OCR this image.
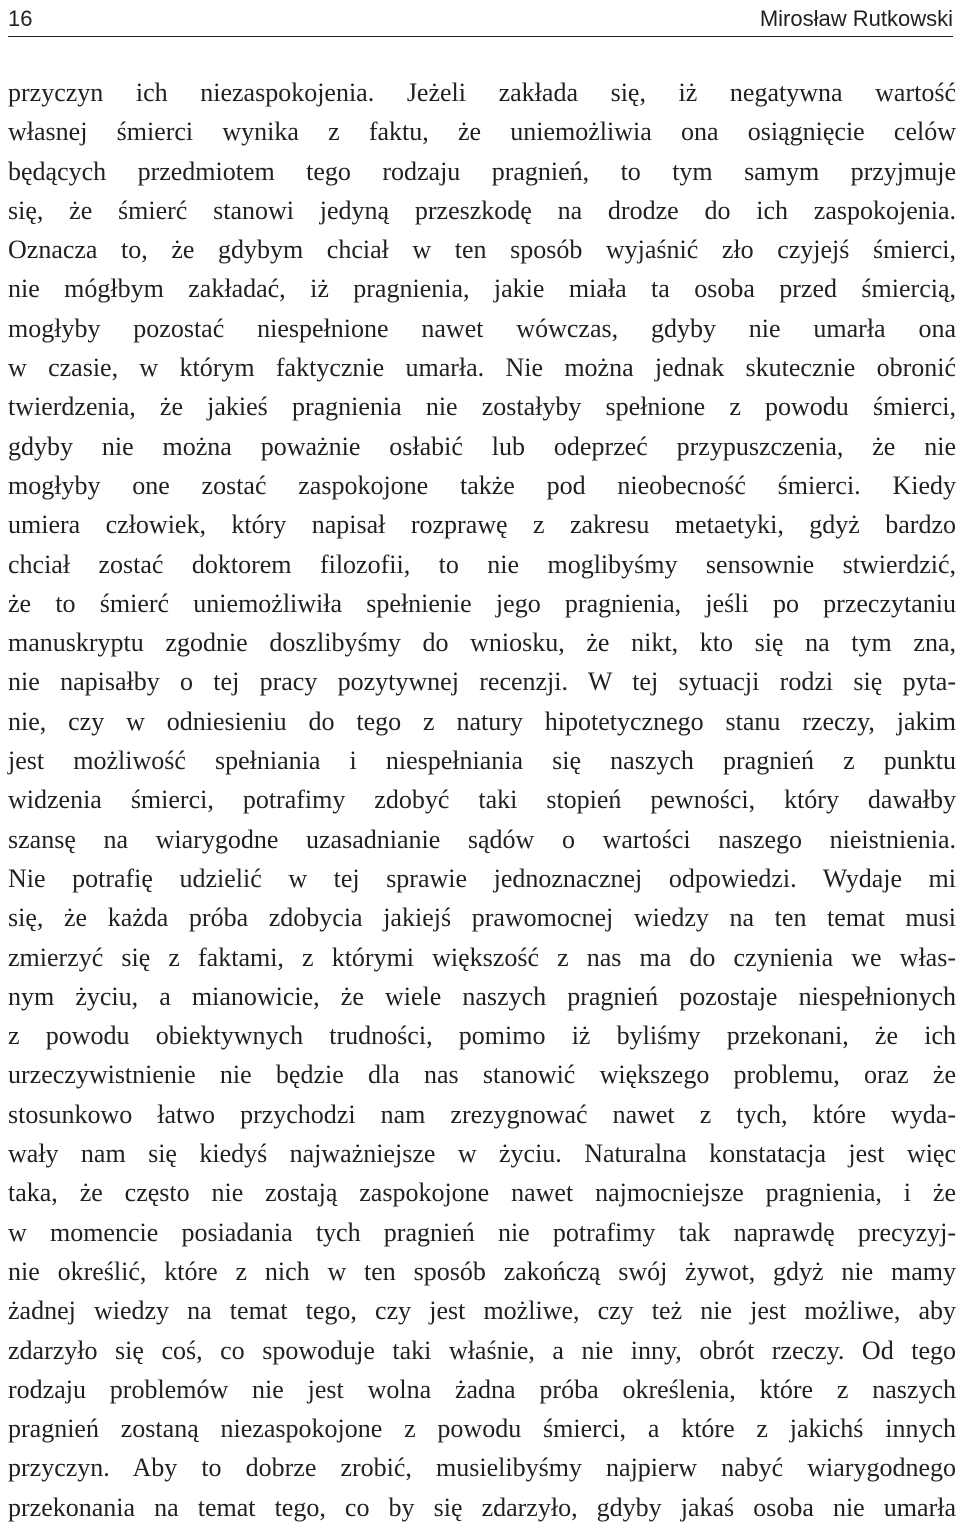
16	Mirosław Rutkowski
przyczyn ich niezaspokojenia. Jeżeli zakłada się, iż negatywna wartość
własnej śmierci wynika z faktu, że uniemożliwia ona osiągnięcie celów
będących przedmiotem tego rodzaju pragnień, to tym samym przyjmuje
się, że śmierć stanowi jedyną przeszkodę na drodze do ich zaspokojenia.
Oznacza to, że gdybym chciał w ten sposób wyjaśnić zło czyjejś śmierci,
nie mógłbym zakładać, iż pragnienia, jakie miała ta osoba przed śmiercią,
mogłyby pozostać niespełnione nawet wówczas, gdyby nie umarła ona
w czasie, w którym faktycznie umarła. Nie można jednak skutecznie obronić
twierdzenia, że jakieś pragnienia nie zostałyby spełnione z powodu śmierci,
gdyby nie można poważnie osłabić lub odeprzeć przypuszczenia, że nie
mogłyby one zostać zaspokojone także pod nieobecność śmierci. Kiedy
umiera człowiek, który napisał rozprawę z zakresu metaetyki, gdyż bardzo
chciał zostać doktorem filozofii, to nie moglibyśmy sensownie stwierdzić,
że to śmierć uniemożliwiła spełnienie jego pragnienia, jeśli po przeczytaniu
manuskryptu zgodnie doszlibyśmy do wniosku, że nikt, kto się na tym zna,
nie napisałby o tej pracy pozytywnej recenzji. W tej sytuacji rodzi się pyta-
nie, czy w odniesieniu do tego z natury hipotetycznego stanu rzeczy, jakim
jest możliwość spełniania i niespełniania się naszych pragnień z punktu
widzenia śmierci, potrafimy zdobyć taki stopień pewności, który dawałby
szansę na wiarygodne uzasadnianie sądów o wartości naszego nieistnienia.
Nie potrafię udzielić w tej sprawie jednoznacznej odpowiedzi. Wydaje mi
się, że każda próba zdobycia jakiejś prawomocnej wiedzy na ten temat musi
zmierzyć się z faktami, z którymi większość z nas ma do czynienia we włas-
nym życiu, a mianowicie, że wiele naszych pragnień pozostaje niespełnionych
z powodu obiektywnych trudności, pomimo iż byliśmy przekonani, że ich
urzeczywistnienie nie będzie dla nas stanowić większego problemu, oraz że
stosunkowo łatwo przychodzi nam zrezygnować nawet z tych, które wyda-
wały nam się kiedyś najważniejsze w życiu. Naturalna konstatacja jest więc
taka, że często nie zostają zaspokojone nawet najmocniejsze pragnienia, i że
w momencie posiadania tych pragnień nie potrafimy tak naprawdę precyzyj-
nie określić, które z nich w ten sposób zakończą swój żywot, gdyż nie mamy
żadnej wiedzy na temat tego, czy jest możliwe, czy też nie jest możliwe, aby
zdarzyło się coś, co spowoduje taki właśnie, a nie inny, obrót rzeczy. Od tego
rodzaju problemów nie jest wolna żadna próba określenia, które z naszych
pragnień zostaną niezaspokojone z powodu śmierci, a które z jakichś innych
przyczyn. Aby to dobrze zrobić, musielibyśmy najpierw nabyć wiarygodnego
przekonania na temat tego, co by się zdarzyło, gdyby jakaś osoba nie umarła
